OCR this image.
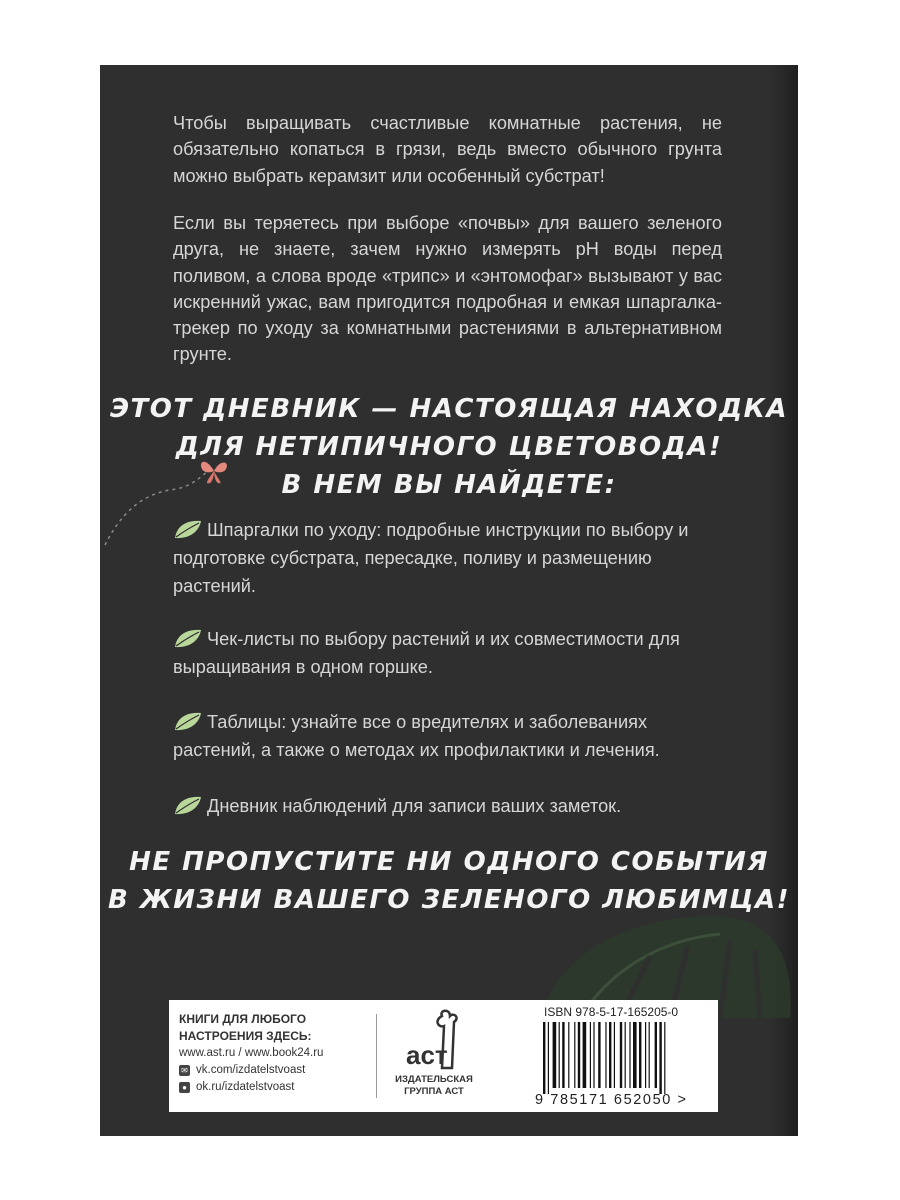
Чтобы выращивать счастливые комнатные растения, не обязательно копаться в грязи, ведь вместо обычного грунта можно выбрать керамзит или особенный субстрат!

Если вы теряетесь при выборе «почвы» для вашего зеленого друга, не знаете, зачем нужно измерять pH воды перед поливом, а слова вроде «трипс» и «энтомофаг» вызывают у вас искренний ужас, вам пригодится подробная и емкая шпаргалка-трекер по уходу за комнатными растениями в альтернативном грунте.

ЭТОТ ДНЕВНИК — НАСТОЯЩАЯ НАХОДКА

ДЛЯ НЕТИПИЧНОГО ЦВЕТОВОДА!

В НЕМ ВЫ НАЙДЕТЕ:

Шпаргалки по уходу: подробные инструкции по выбору и подготовке субстрата, пересадке, поливу и размещению растений.

Чек-листы по выбору растений и их совместимости для выращивания в одном горшке.

Таблицы: узнайте все о вредителях и заболеваниях растений, а также о методах их профилактики и лечения.

Дневник наблюдений для записи ваших заметок.

НЕ ПРОПУСТИТЕ НИ ОДНОГО СОБЫТИЯ

В ЖИЗНИ ВАШЕГО ЗЕЛЕНОГО ЛЮБИМЦА!

КНИГИ ДЛЯ ЛЮБОГО
НАСТРОЕНИЯ ЗДЕСЬ:
www.ast.ru / www.book24.ru
✉ vk.com/izdatelstvoast
● ok.ru/izdatelstvoast
аст
ИЗДАТЕЛЬСКАЯ
ГРУППА АСТ
ISBN 978-5-17-165205-0
9 785171 652050 >
